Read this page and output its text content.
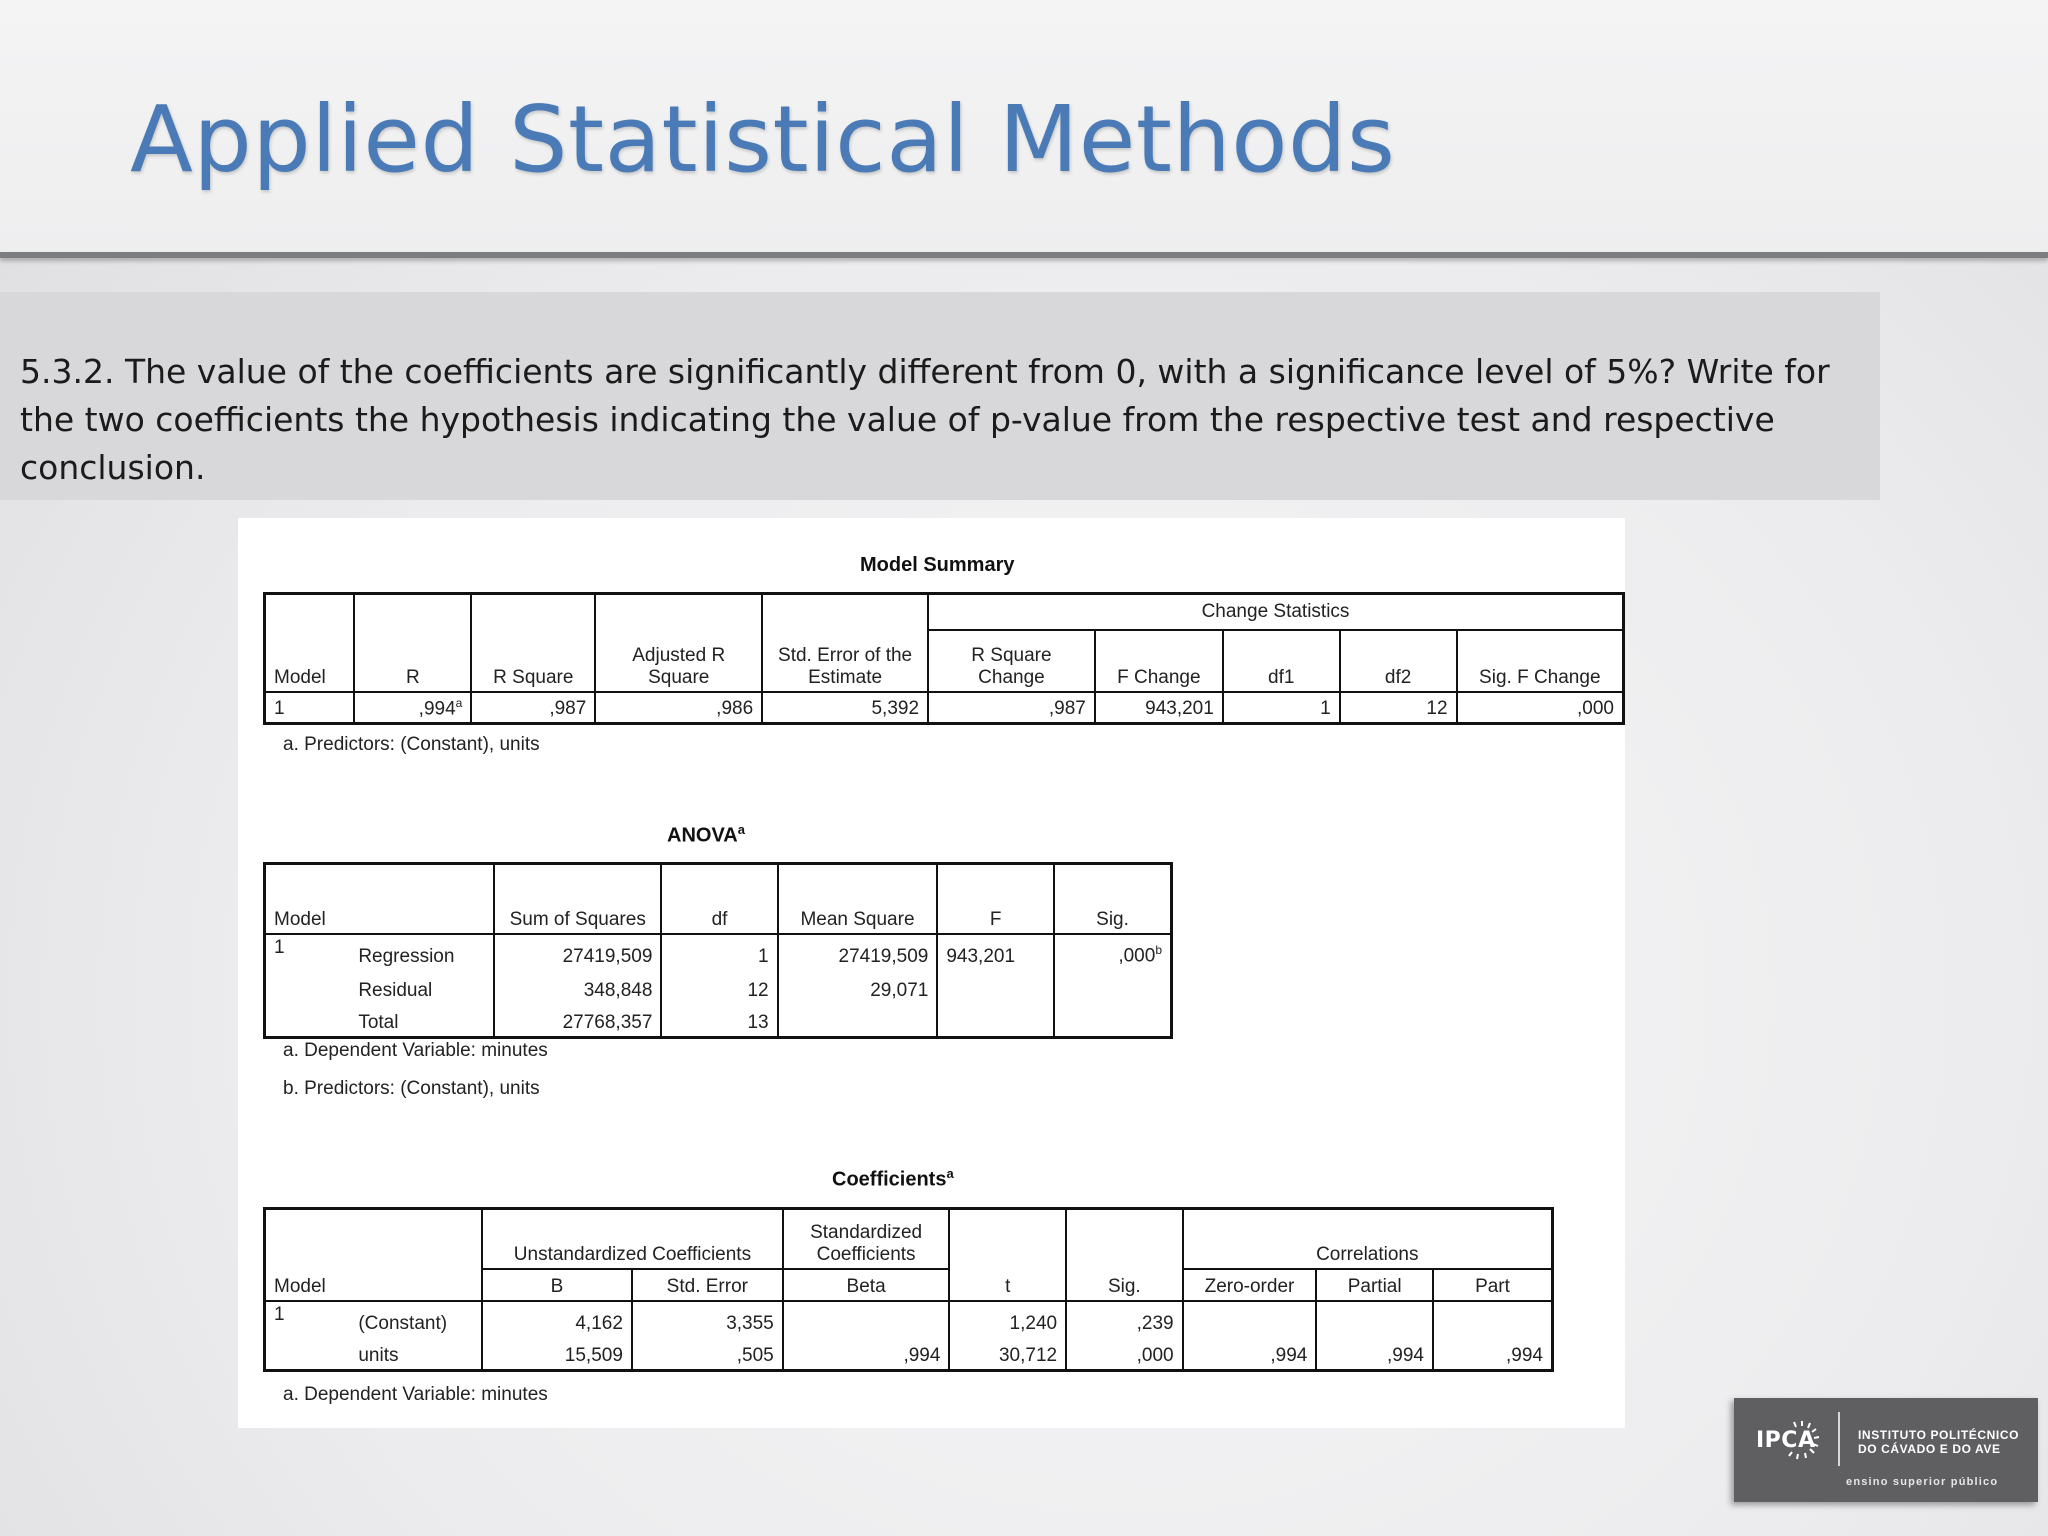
Applied Statistical Methods

5.3.2. The value of the coefficients are significantly different from 0, with a significance level of 5%? Write for the two coefficients the hypothesis indicating the value of p-value from the respective test and respective conclusion.

Model Summary
Model	R	R Square	Adjusted R Square	Std. Error of the Estimate	Change Statistics				
					R Square Change	F Change	df1	df2	Sig. F Change
1	,994$^a$	,987	,986	5,392	,987	943,201	1	12	,000
a. Predictors: (Constant), units
ANOVA$^a$
Model		Sum of Squares	df	Mean Square	F	Sig.
1	Regression	27419,509	1	27419,509	943,201	,000$^b$
	Residual	348,848	12	29,071		
	Total	27768,357	13			
a. Dependent Variable: minutes
b. Predictors: (Constant), units
Coefficients$^a$
Model		Unstandardized Coefficients		Standardized Coefficients	t	Sig.	Correlations		
		B	Std. Error	Beta			Zero-order	Partial	Part
1	(Constant)	4,162	3,355		1,240	,239			
	units	15,509	,505	,994	30,712	,000	,994	,994	,994
a. Dependent Variable: minutes
IPCA	INSTITUTO POLITÉCNICO
DO CÁVADO E DO AVE
ensino superior público
